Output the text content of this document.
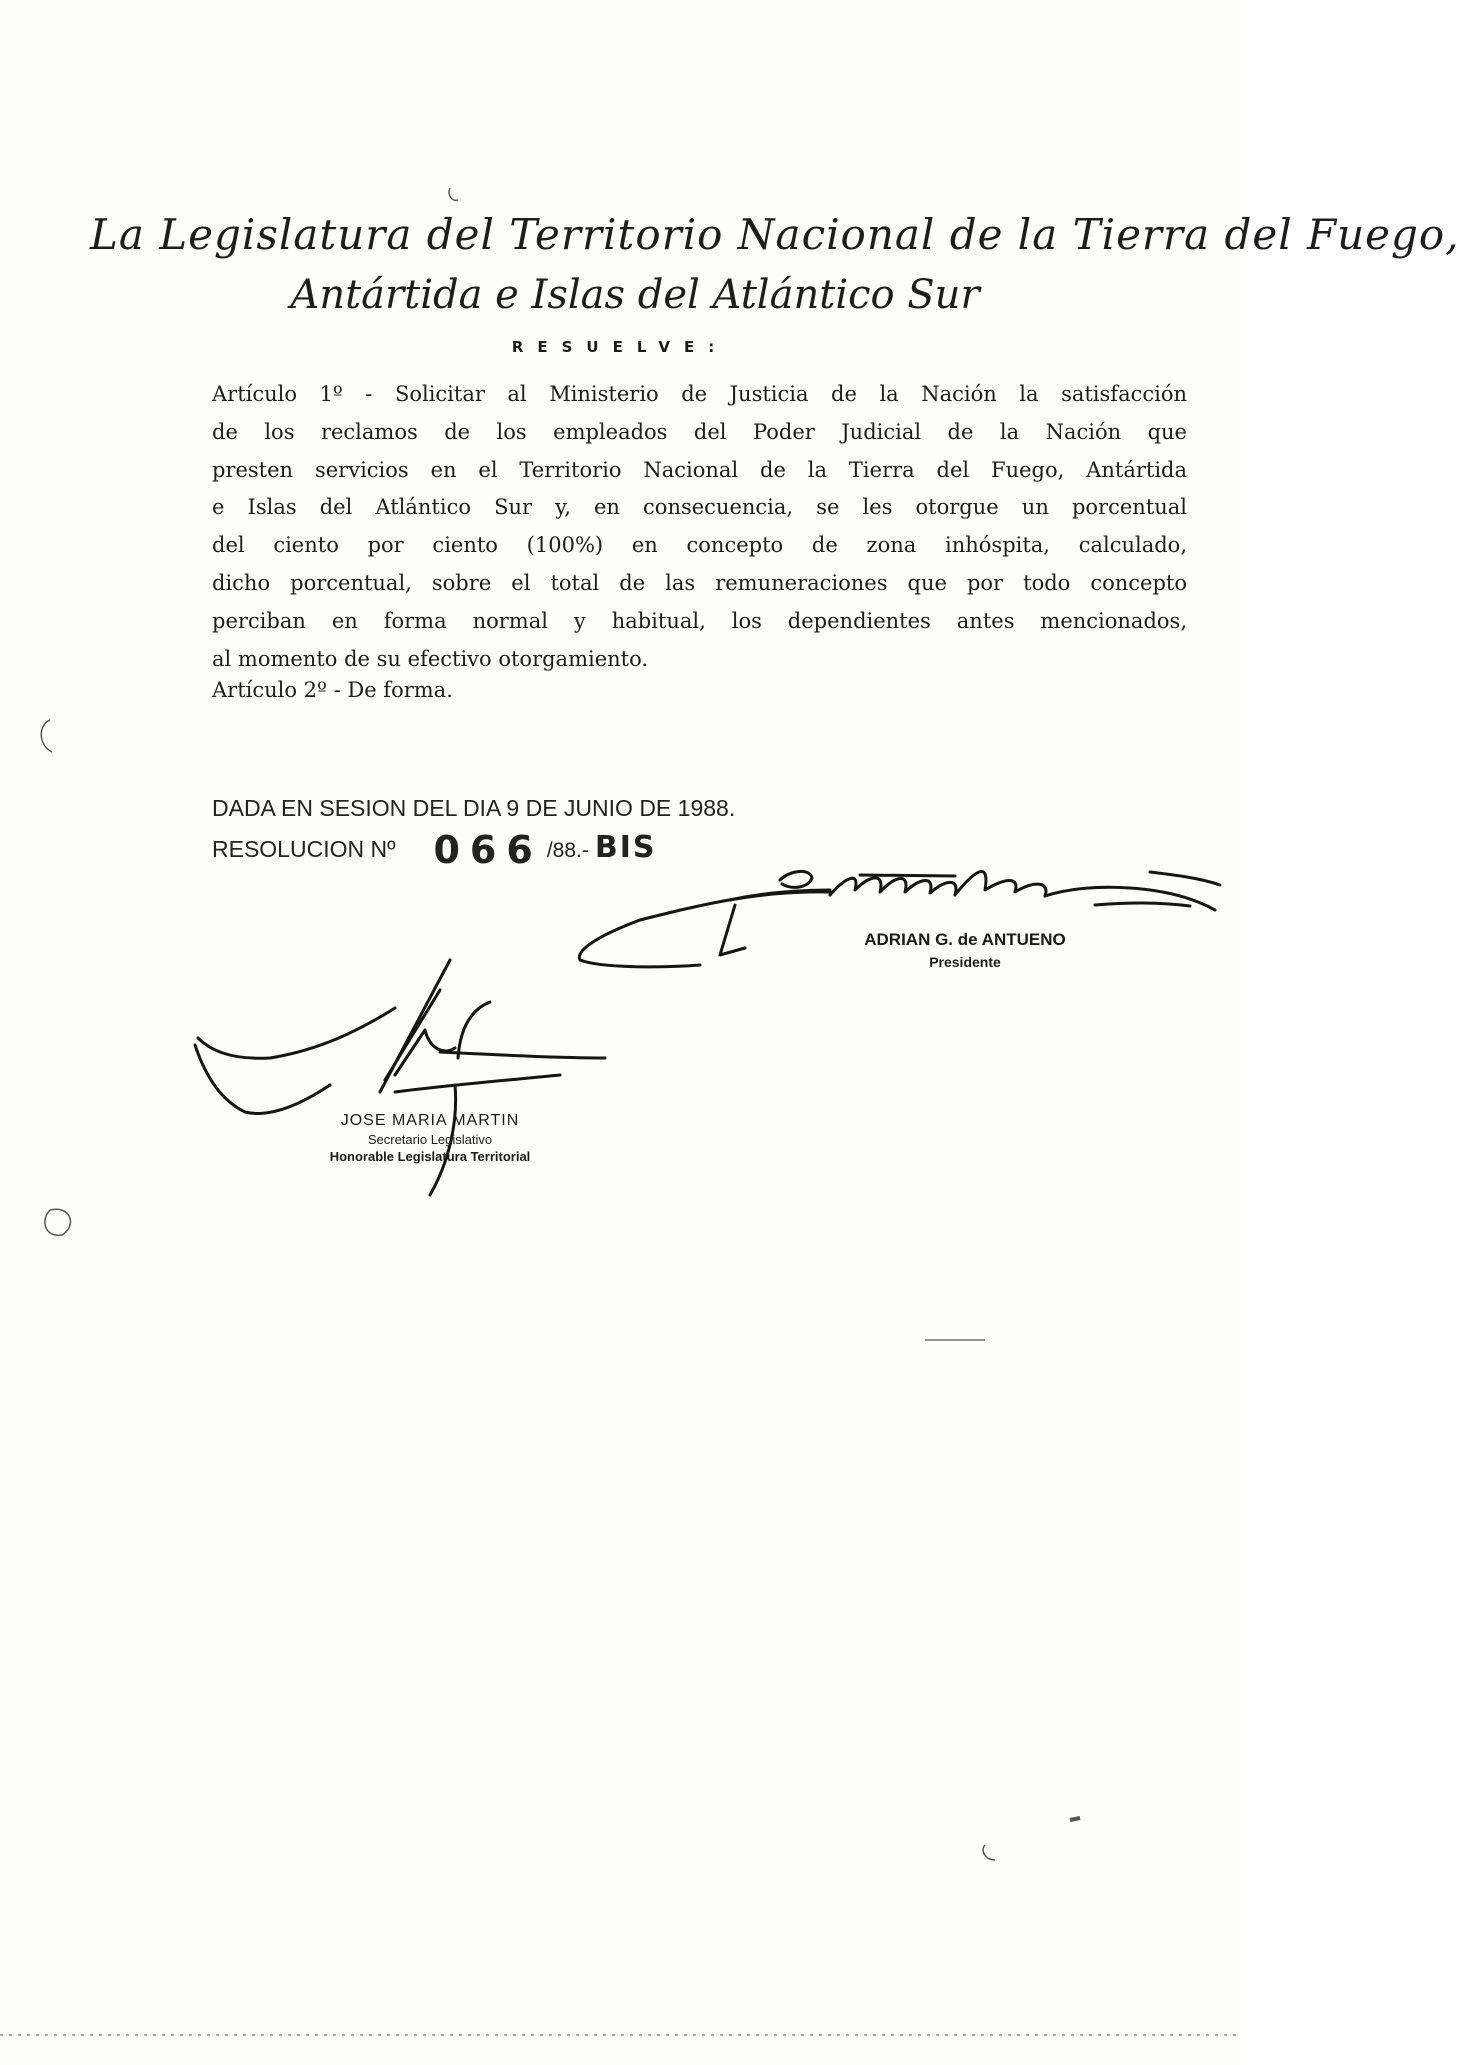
La Legislatura del Territorio Nacional de la Tierra del Fuego,
Antártida e Islas del Atlántico Sur
RESUELVE:
Artículo 1º - Solicitar al Ministerio de Justicia de la Nación la satisfacción
de los reclamos de los empleados del Poder Judicial de la Nación que
presten servicios en el Territorio Nacional de la Tierra del Fuego, Antártida
e Islas del Atlántico Sur y, en consecuencia, se les otorgue un porcentual
del ciento por ciento (100%) en concepto de zona inhóspita, calculado,
dicho porcentual, sobre el total de las remuneraciones que por todo concepto
perciban en forma normal y habitual, los dependientes antes mencionados,
al momento de su efectivo otorgamiento.
Artículo 2º - De forma.
DADA EN SESION DEL DIA 9 DE JUNIO DE 1988.
RESOLUCION Nº 066 /88.- BIS
ADRIAN G. de ANTUENO
Presidente
JOSE MARIA MARTIN
Secretario Legislativo
Honorable Legislatura Territorial
